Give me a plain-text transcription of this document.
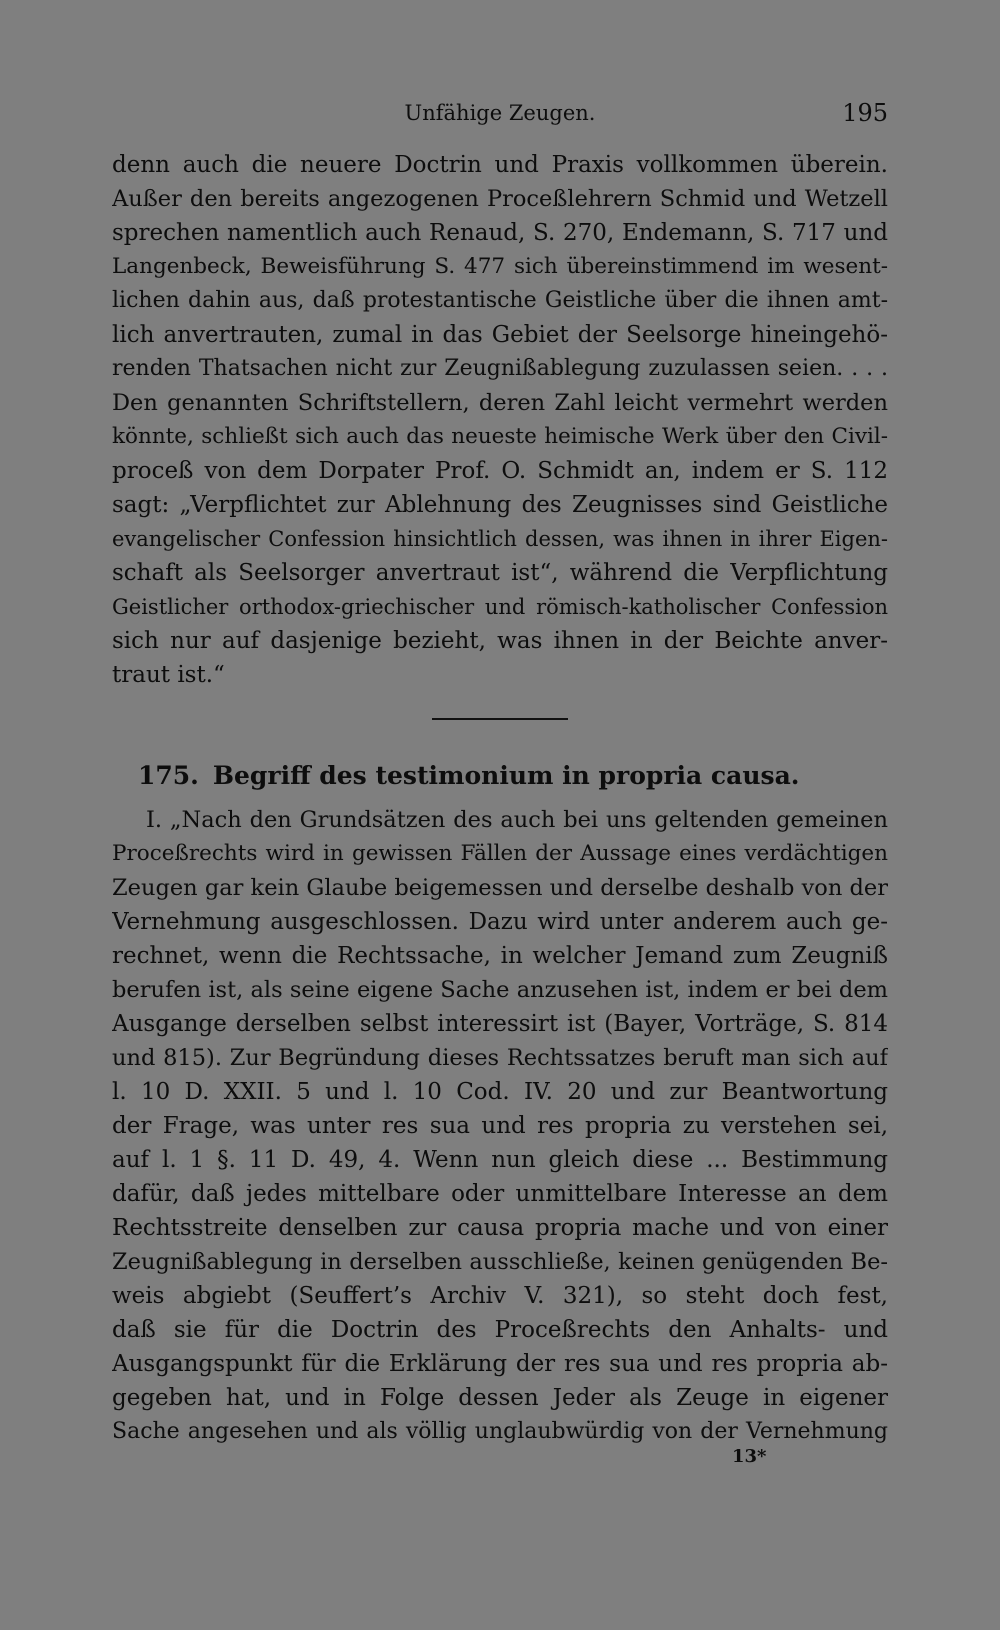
Unfähige Zeugen.	195
denn auch die neuere Doctrin und Praxis vollkommen überein.
Außer den bereits angezogenen Proceßlehrern Schmid und Wetzell
sprechen namentlich auch Renaud, S. 270, Endemann, S. 717 und
Langenbeck, Beweisführung S. 477 sich übereinstimmend im wesent-
lichen dahin aus, daß protestantische Geistliche über die ihnen amt-
lich anvertrauten, zumal in das Gebiet der Seelsorge hineingehö-
renden Thatsachen nicht zur Zeugnißablegung zuzulassen seien. . . .
Den genannten Schriftstellern, deren Zahl leicht vermehrt werden
könnte, schließt sich auch das neueste heimische Werk über den Civil-
proceß von dem Dorpater Prof. O. Schmidt an, indem er S. 112
sagt: „Verpflichtet zur Ablehnung des Zeugnisses sind Geistliche
evangelischer Confession hinsichtlich dessen, was ihnen in ihrer Eigen-
schaft als Seelsorger anvertraut ist“, während die Verpflichtung
Geistlicher orthodox-griechischer und römisch-katholischer Confession
sich nur auf dasjenige bezieht, was ihnen in der Beichte anver-
traut ist.“
175. Begriff des testimonium in propria causa.
I. „Nach den Grundsätzen des auch bei uns geltenden gemeinen
Proceßrechts wird in gewissen Fällen der Aussage eines verdächtigen
Zeugen gar kein Glaube beigemessen und derselbe deshalb von der
Vernehmung ausgeschlossen. Dazu wird unter anderem auch ge-
rechnet, wenn die Rechtssache, in welcher Jemand zum Zeugniß
berufen ist, als seine eigene Sache anzusehen ist, indem er bei dem
Ausgange derselben selbst interessirt ist (Bayer, Vorträge, S. 814
und 815). Zur Begründung dieses Rechtssatzes beruft man sich auf
l. 10 D. XXII. 5 und l. 10 Cod. IV. 20 und zur Beantwortung
der Frage, was unter res sua und res propria zu verstehen sei,
auf l. 1 §. 11 D. 49, 4. Wenn nun gleich diese ... Bestimmung
dafür, daß jedes mittelbare oder unmittelbare Interesse an dem
Rechtsstreite denselben zur causa propria mache und von einer
Zeugnißablegung in derselben ausschließe, keinen genügenden Be-
weis abgiebt (Seuffert’s Archiv V. 321), so steht doch fest,
daß sie für die Doctrin des Proceßrechts den Anhalts- und
Ausgangspunkt für die Erklärung der res sua und res propria ab-
gegeben hat, und in Folge dessen Jeder als Zeuge in eigener
Sache angesehen und als völlig unglaubwürdig von der Vernehmung
13*
